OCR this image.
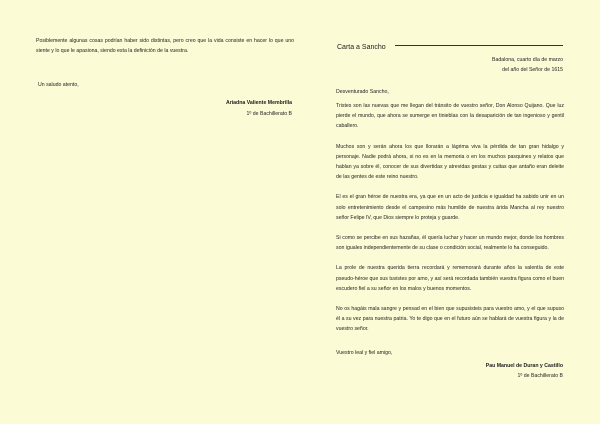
Posiblemente algunas cosas podrían haber sido distintas, pero creo que la vida consiste en hacer lo que uno siente y lo que le apasiona, siendo esta la definición de la vuestra.

Un saludo atento,

Ariadna Valiente Membrilla

1º de Bachillerato B

Carta a Sancho

Badalona, cuarto día de marzo

del año del Señor de 1615

Desventurado Sancho,

Tristes son las nuevas que me llegan del tránsito de vuestro señor, Don Alonso Quijano. Que luz pierde el mundo, que ahora se sumerge en tinieblas con la desaparición de tan ingenioso y gentil caballero.

Muchos son y serán ahora los que llorarán a lágrima viva la pérdida de tan gran hidalgo y personaje. Nadie podrá ahora, si no es en la memoria o en los muchos pasquines y relatos que hablan ya sobre él, conocer de sus divertidas y atrevidas gestas y cuitas que antaño eran deleite de las gentes de este reino nuestro.

El es el gran héroe de nuestra era, ya que en un acto de justicia e igualdad ha sabido unir en un solo entretenimiento desde el campesino más humilde de nuestra árida Mancha al rey nuestro señor Felipe IV, que Dios siempre lo proteja y guarde.

Si como se percibe en sus hazañas, él quería luchar y hacer un mundo mejor, donde los hombres son iguales independientemente de su clase o condición social, realmente lo ha conseguido.

La prole de nuestra querida tierra recordará y rememorará durante años la valentía de este pseudo-héroe que sus tuvistes por amo, y así será recordada también vuestra figura como el buen escudero fiel a su señor en los malos y buenos momentos.

No os hagáis mala sangre y pensad en el bien que supusisteis para vuestro amo, y el que supuso él a su vez para nuestra patria. Yo te digo que en el futuro aún se hablará de vuestra figura y la de vuestro señor.

Vuestro leal y fiel amigo,

Pau Manuel de Duran y Castillo

1º de Bachillerato B
